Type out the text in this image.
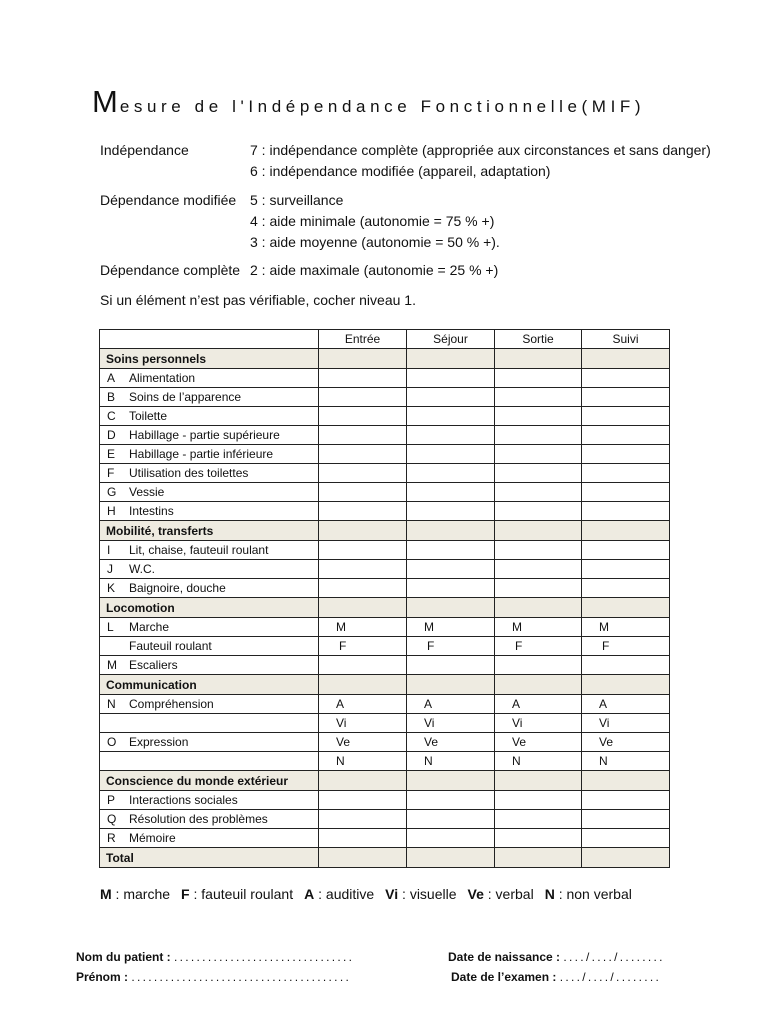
Mesure de l'Indépendance Fonctionnelle(MIF)
Indépendance	7 : indépendance complète (appropriée aux circonstances et sans danger)
6 : indépendance modifiée (appareil, adaptation)
Dépendance modifiée 5 : surveillance
4 : aide minimale (autonomie = 75 % +)
3 : aide moyenne (autonomie = 50 % +).
Dépendance complète 2 : aide maximale (autonomie = 25 % +)
Si un élément n’est pas vérifiable, cocher niveau 1.
	Entrée	Séjour	Sortie	Suivi
Soins personnels				
A Alimentation				
B Soins de l’apparence				
C Toilette				
D Habillage - partie supérieure				
E Habillage - partie inférieure				
F Utilisation des toilettes				
G Vessie				
H Intestins				
Mobilité, transferts				
I Lit, chaise, fauteuil roulant				
J W.C.				
K Baignoire, douche				
Locomotion				
L Marche	M	M	M	M
Fauteuil roulant	F	F	F	F
M Escaliers				
Communication				
N Compréhension	A	A	A	A
	Vi	Vi	Vi	Vi
O Expression	Ve	Ve	Ve	Ve
	N	N	N	N
Conscience du monde extérieur				
P Interactions sociales				
Q Résolution des problèmes				
R Mémoire				
Total				
M : marche F : fauteuil roulant A : auditive Vi : visuelle Ve : verbal N : non verbal
Nom du patient : ................................
Prénom : .......................................
Date de naissance : ..../..../........
Date de l’examen : ..../..../........
